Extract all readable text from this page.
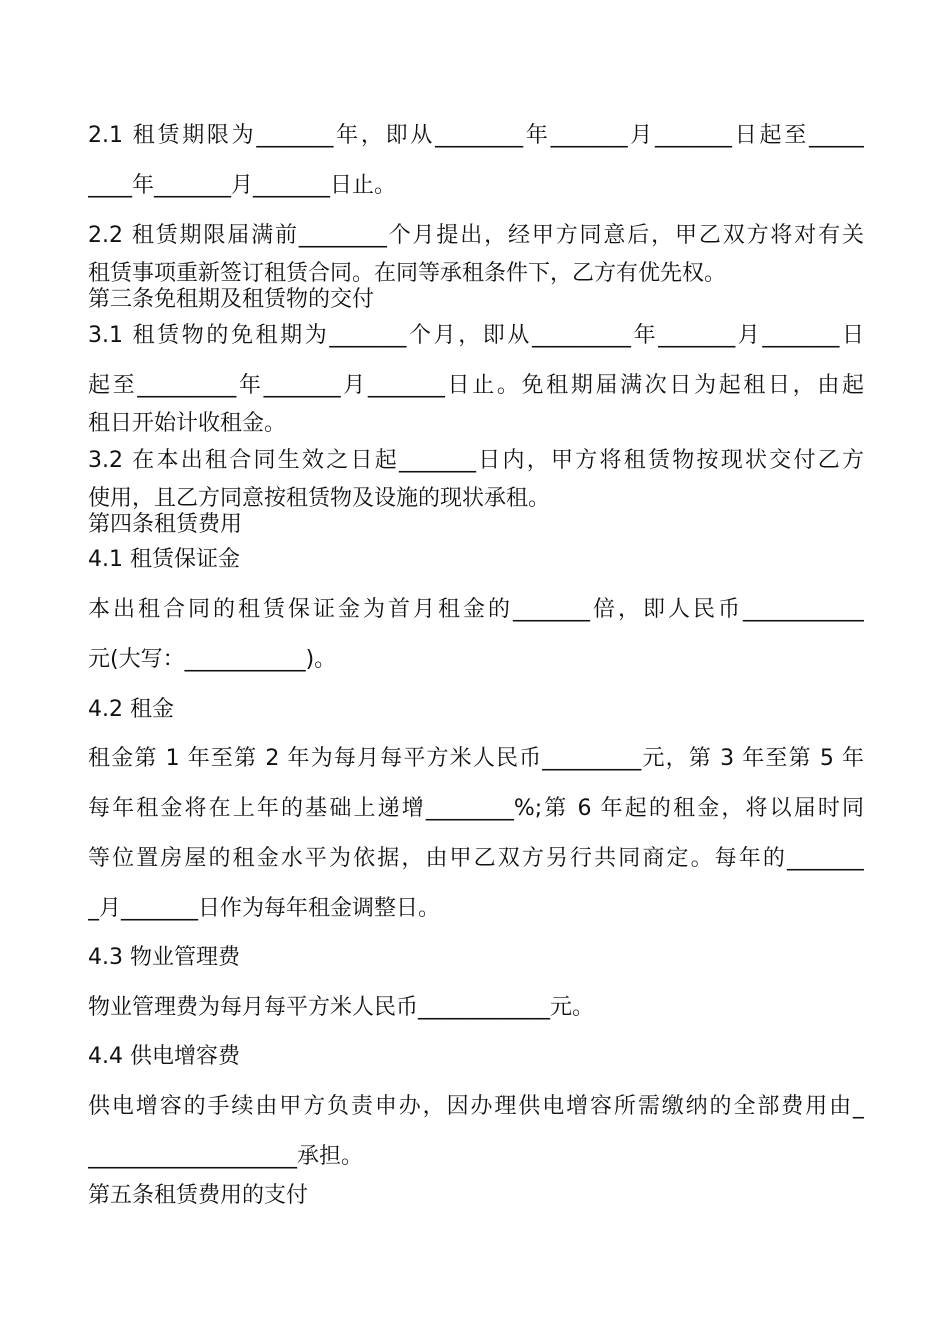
2.1 租赁期限为_______年，即从________年_______月_______日起至_____
____年_______月_______日止。
2.2 租赁期限届满前________个月提出，经甲方同意后，甲乙双方将对有关
租赁事项重新签订租赁合同。在同等承租条件下，乙方有优先权。
第三条免租期及租赁物的交付
3.1 租赁物的免租期为_______个月，即从_________年_______月_______日
起至_________年_______月_______日止。免租期届满次日为起租日，由起
租日开始计收租金。
3.2 在本出租合同生效之日起_______日内，甲方将租赁物按现状交付乙方
使用，且乙方同意按租赁物及设施的现状承租。
第四条租赁费用
4.1 租赁保证金
本出租合同的租赁保证金为首月租金的_______倍，即人民币___________
元(大写：___________)。
4.2 租金
租金第 1 年至第 2 年为每月每平方米人民币_________元，第 3 年至第 5 年
每年租金将在上年的基础上递增________%;第 6 年起的租金，将以届时同
等位置房屋的租金水平为依据，由甲乙双方另行共同商定。每年的_______
_月_______日作为每年租金调整日。
4.3 物业管理费
物业管理费为每月每平方米人民币____________元。
4.4 供电增容费
供电增容的手续由甲方负责申办，因办理供电增容所需缴纳的全部费用由_
___________________承担。
第五条租赁费用的支付
